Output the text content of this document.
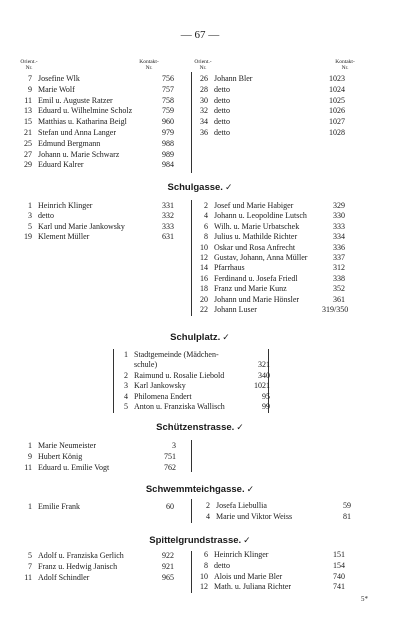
— 67 —
Orient.-
Nr.
Kontakt-
Nr.
Orient.-
Nr.
Kontakt-
Nr.
7 Josefine Wlk	756
9 Marie Wolf	757
11 Emil u. Auguste Ratzer	758
13 Eduard u. Wilhelmine Scholz	759
15 Matthias u. Katharina Beigl	960
21 Stefan und Anna Langer	979
25 Edmund Bergmann	988
27 Johann u. Marie Schwarz	989
29 Eduard Kalrer	984
26 Johann Bler	1023
28 detto	1024
30 detto	1025
32 detto	1026
34 detto	1027
36 detto	1028
Schulgasse. ✓
1 Heinrich Klinger	331
3 detto	332
5 Karl und Marie Jankowsky	333
19 Klement Müller	631
2 Josef und Marie Habiger	329
4 Johann u. Leopoldine Lutsch	330
6 Wilh. u. Marie Urbatschek	333
8 Julius u. Mathilde Richter	334
10 Oskar und Rosa Anfrecht	336
12 Gustav, Johann, Anna Müller	337
14 Pfarrhaus	312
16 Ferdinand u. Josefa Friedl	338
18 Franz und Marie Kunz	352
20 Johann und Marie Hönsler	361
22 Johann Luser	319/350
Schulplatz. ✓
1 Stadtgemeinde (Mädchen-
schule)	321
2 Raimund u. Rosalie Liebold	340
3 Karl Jankowsky	1021
4 Philomena Endert	95
5 Anton u. Franziska Wallisch	99
Schützenstrasse. ✓
1 Marie Neumeister	3
9 Hubert König	751
11 Eduard u. Emilie Vogt	762
Schwemmteichgasse. ✓
1 Emilie Frank	60	2 Josefa Liebullia	59
4 Marie und Viktor Weiss	81
Spittelgrundstrasse. ✓
5 Adolf u. Franziska Gerlich	922
7 Franz u. Hedwig Janisch	921
11 Adolf Schindler	965
6 Heinrich Klinger	151
8 detto	154
10 Alois und Marie Bler	740
12 Math. u. Juliana Richter	741
5*
